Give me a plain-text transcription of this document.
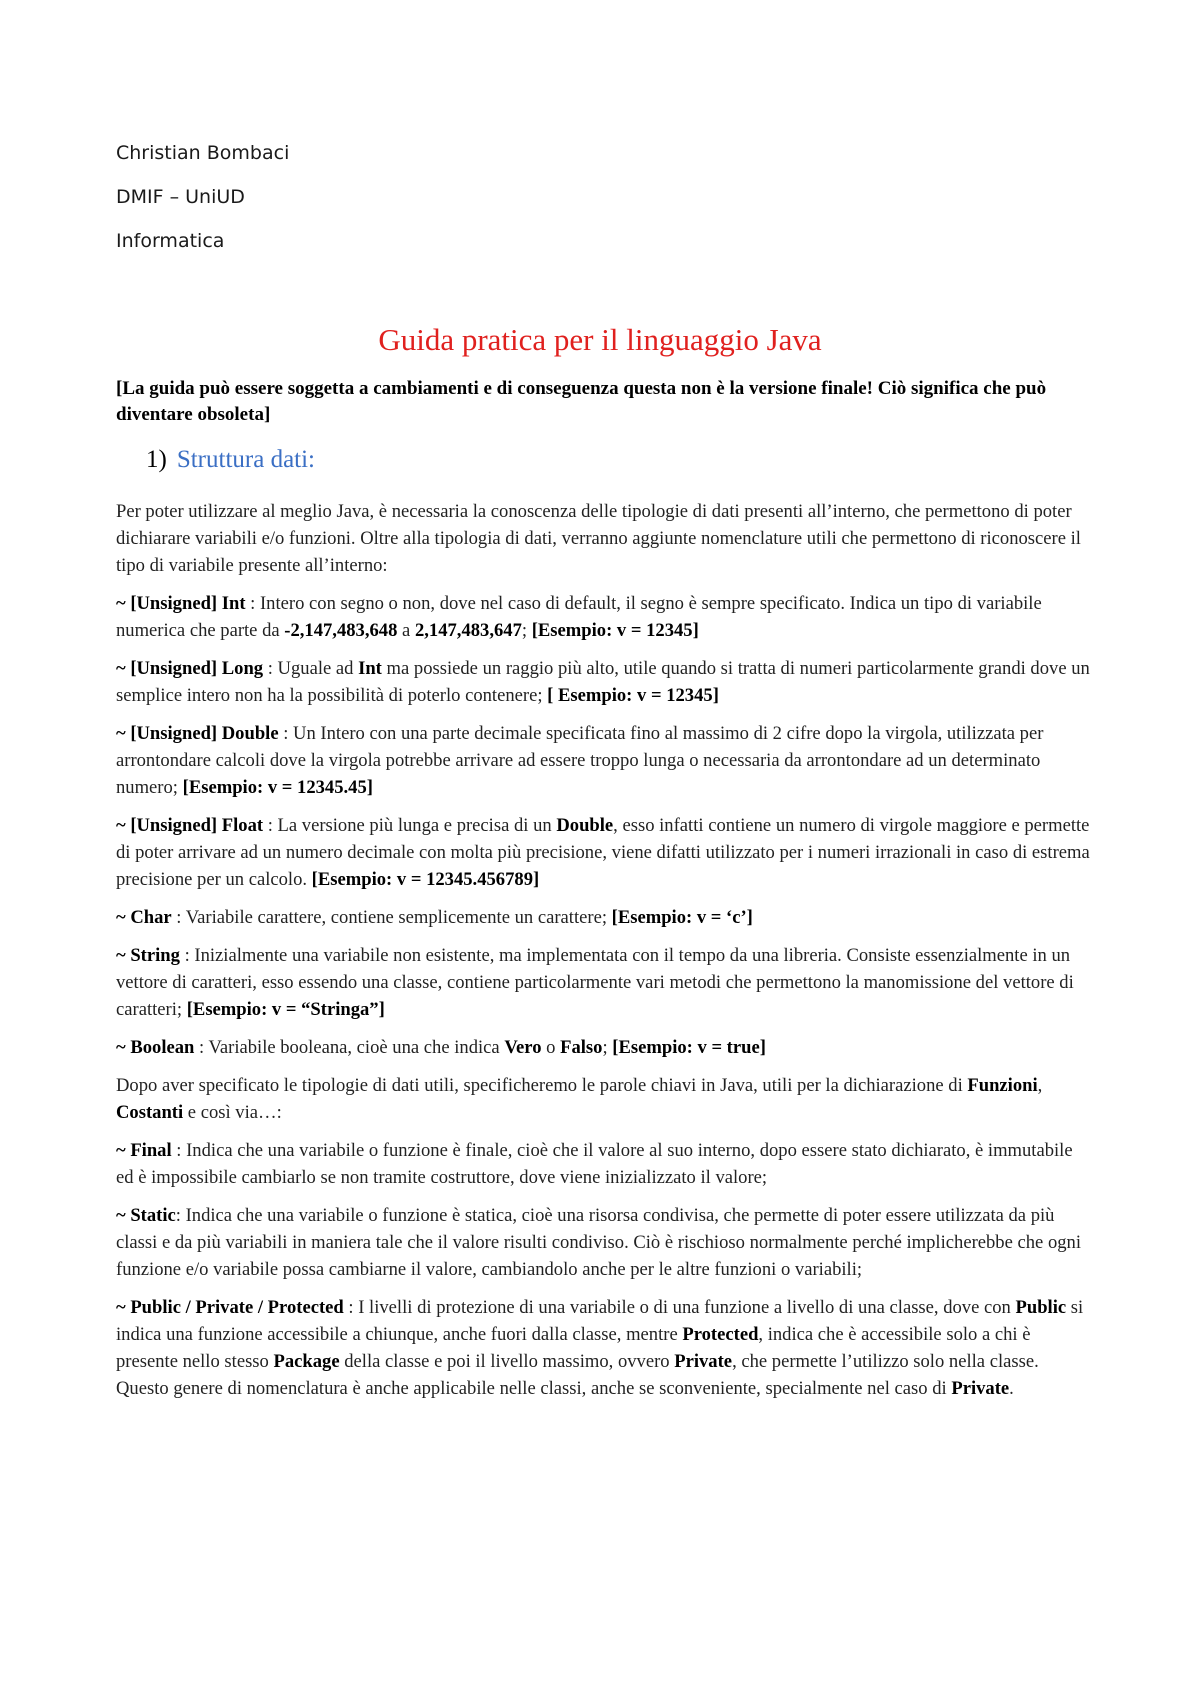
Christian Bombaci
DMIF – UniUD
Informatica
Guida pratica per il linguaggio Java
[La guida può essere soggetta a cambiamenti e di conseguenza questa non è la versione finale! Ciò significa che può diventare obsoleta]
1) Struttura dati:

Per poter utilizzare al meglio Java, è necessaria la conoscenza delle tipologie di dati presenti all’interno, che permettono di poter dichiarare variabili e/o funzioni. Oltre alla tipologia di dati, verranno aggiunte nomenclature utili che permettono di riconoscere il tipo di variabile presente all’interno:

~ [Unsigned] Int : Intero con segno o non, dove nel caso di default, il segno è sempre specificato. Indica un tipo di variabile numerica che parte da -2,147,483,648 a 2,147,483,647; [Esempio: v = 12345]

~ [Unsigned] Long : Uguale ad Int ma possiede un raggio più alto, utile quando si tratta di numeri particolarmente grandi dove un semplice intero non ha la possibilità di poterlo contenere; [ Esempio: v = 12345]

~ [Unsigned] Double : Un Intero con una parte decimale specificata fino al massimo di 2 cifre dopo la virgola, utilizzata per arrontondare calcoli dove la virgola potrebbe arrivare ad essere troppo lunga o necessaria da arrontondare ad un determinato numero; [Esempio: v = 12345.45]

~ [Unsigned] Float : La versione più lunga e precisa di un Double, esso infatti contiene un numero di virgole maggiore e permette di poter arrivare ad un numero decimale con molta più precisione, viene difatti utilizzato per i numeri irrazionali in caso di estrema precisione per un calcolo. [Esempio: v = 12345.456789]

~ Char : Variabile carattere, contiene semplicemente un carattere; [Esempio: v = ‘c’]

~ String : Inizialmente una variabile non esistente, ma implementata con il tempo da una libreria. Consiste essenzialmente in un vettore di caratteri, esso essendo una classe, contiene particolarmente vari metodi che permettono la manomissione del vettore di caratteri; [Esempio: v = “Stringa”]

~ Boolean : Variabile booleana, cioè una che indica Vero o Falso; [Esempio: v = true]

Dopo aver specificato le tipologie di dati utili, specificheremo le parole chiavi in Java, utili per la dichiarazione di Funzioni, Costanti e così via…:

~ Final : Indica che una variabile o funzione è finale, cioè che il valore al suo interno, dopo essere stato dichiarato, è immutabile ed è impossibile cambiarlo se non tramite costruttore, dove viene inizializzato il valore;

~ Static: Indica che una variabile o funzione è statica, cioè una risorsa condivisa, che permette di poter essere utilizzata da più classi e da più variabili in maniera tale che il valore risulti condiviso. Ciò è rischioso normalmente perché implicherebbe che ogni funzione e/o variabile possa cambiarne il valore, cambiandolo anche per le altre funzioni o variabili;

~ Public / Private / Protected : I livelli di protezione di una variabile o di una funzione a livello di una classe, dove con Public si indica una funzione accessibile a chiunque, anche fuori dalla classe, mentre Protected, indica che è accessibile solo a chi è presente nello stesso Package della classe e poi il livello massimo, ovvero Private, che permette l’utilizzo solo nella classe. Questo genere di nomenclatura è anche applicabile nelle classi, anche se sconveniente, specialmente nel caso di Private.
